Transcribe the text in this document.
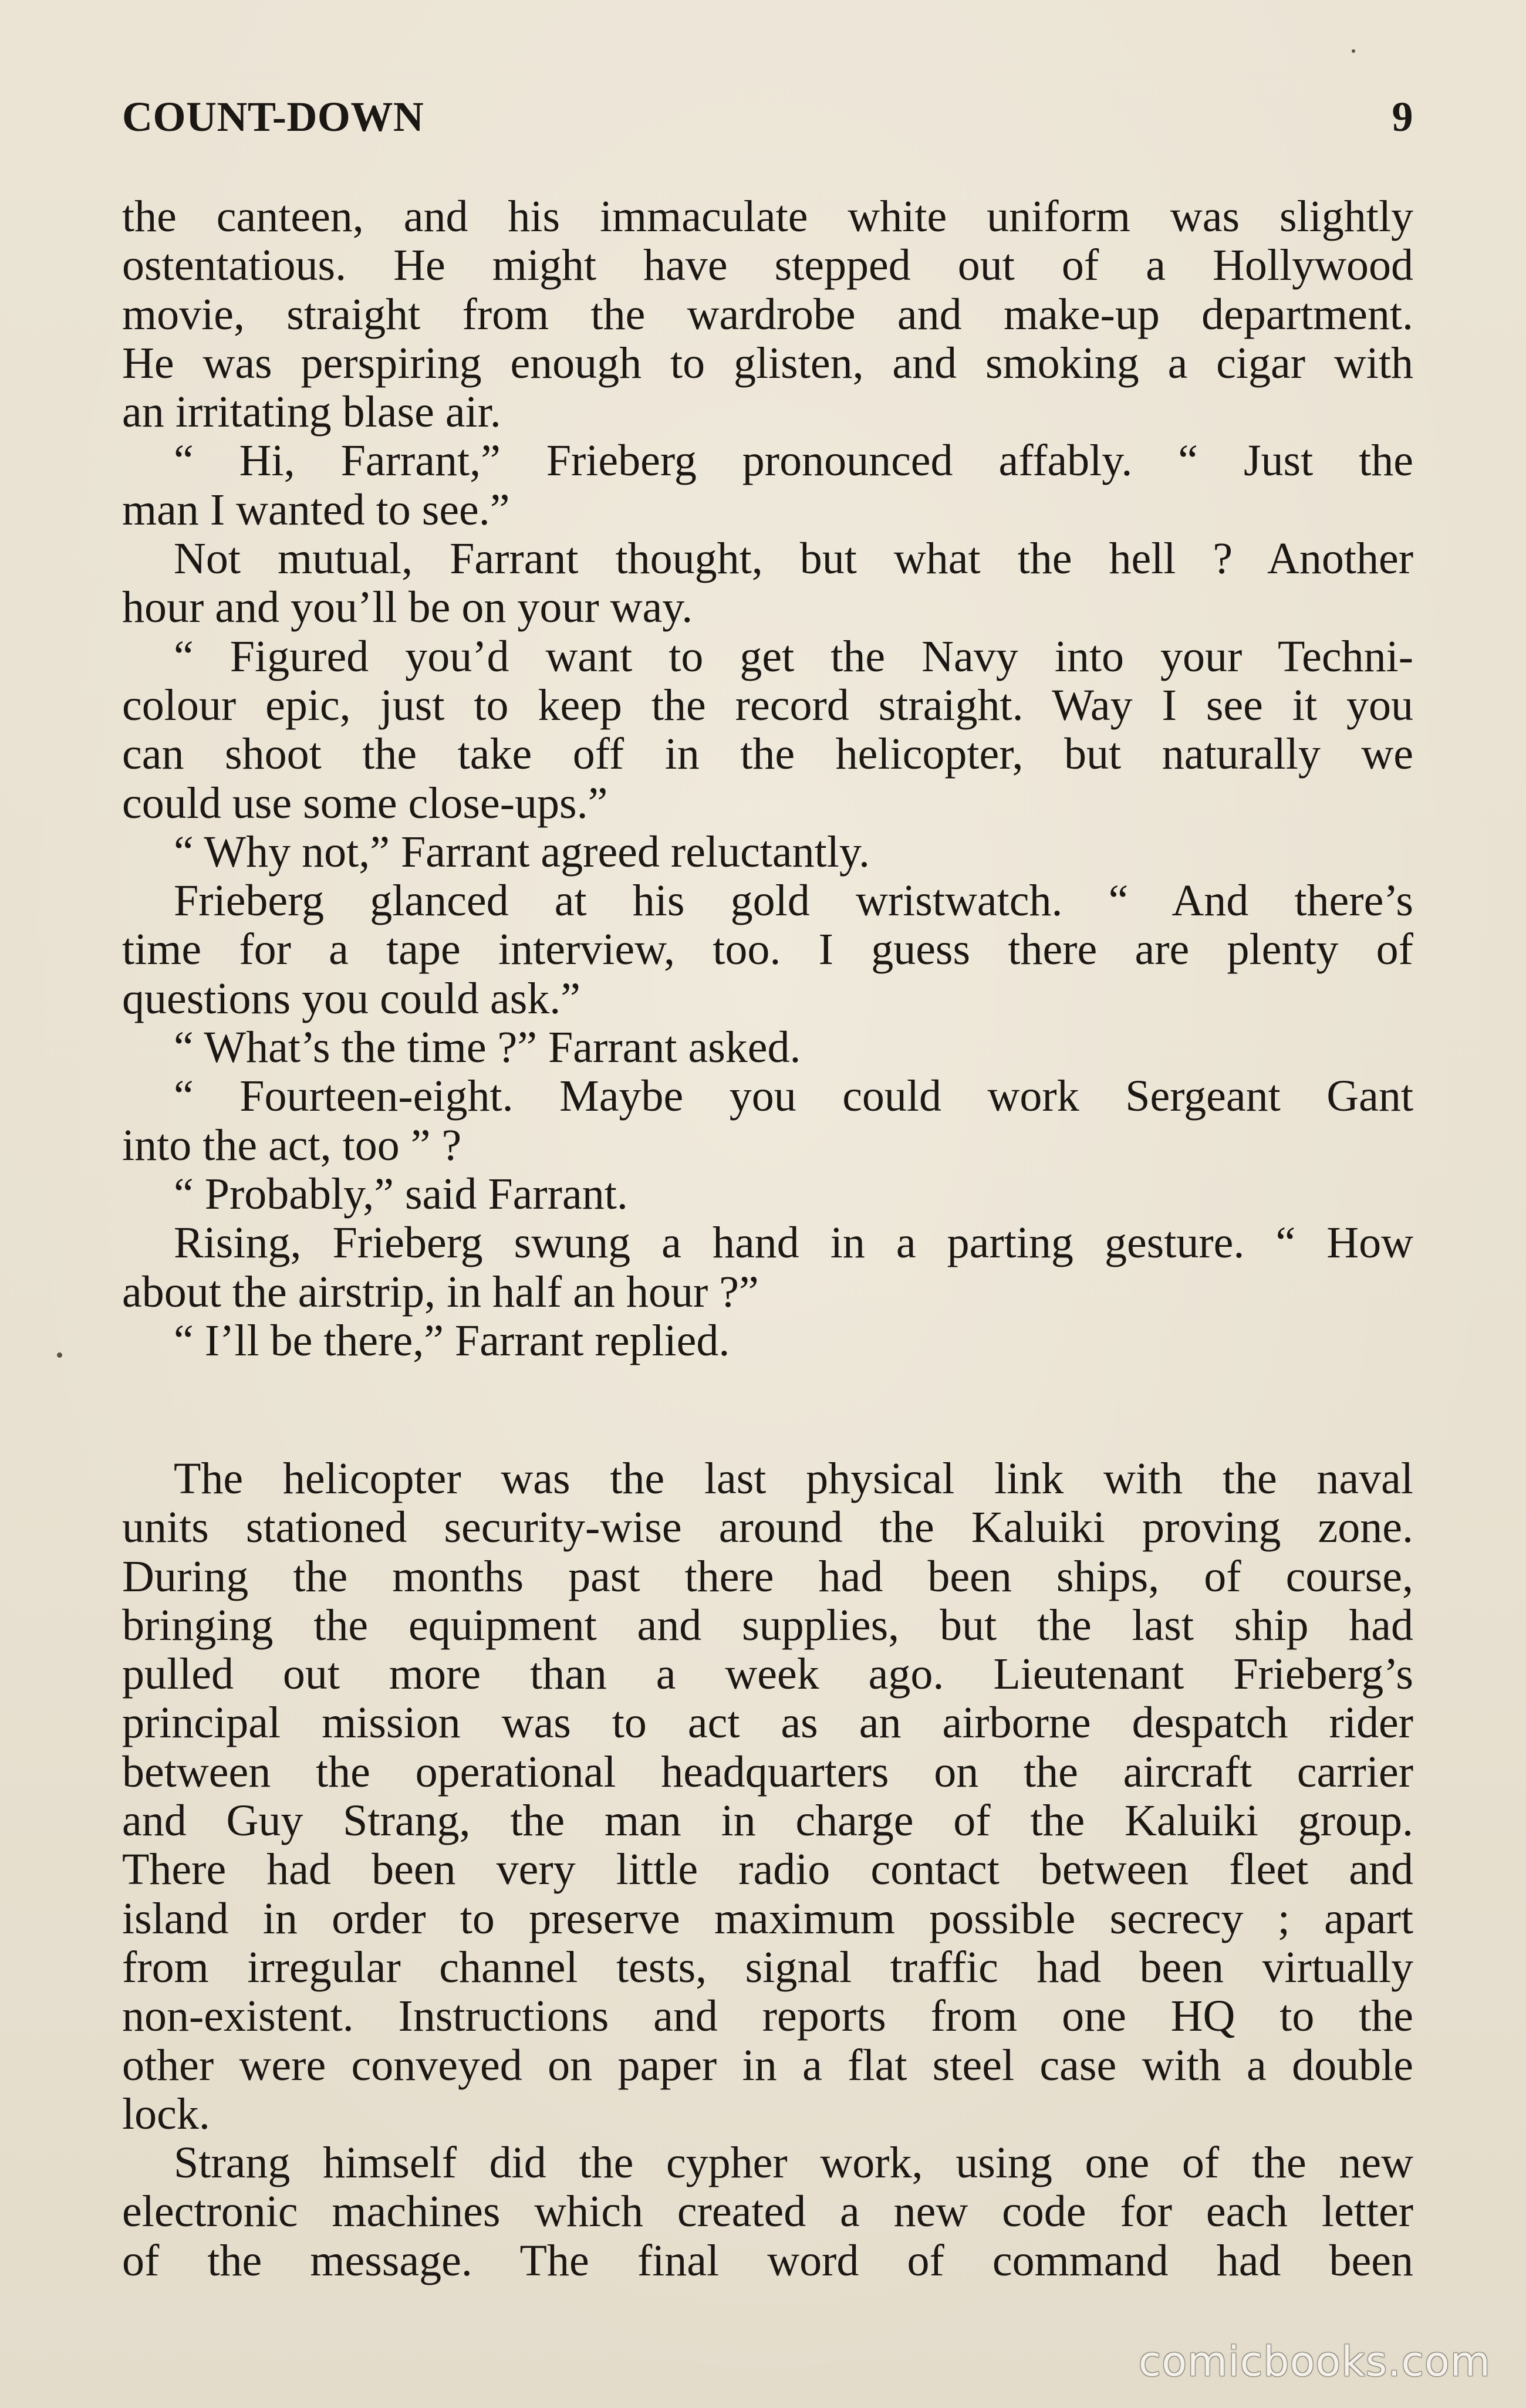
COUNT-DOWN	9
the canteen, and his immaculate white uniform was slightly
ostentatious. He might have stepped out of a Hollywood
movie, straight from the wardrobe and make-up department.
He was perspiring enough to glisten, and smoking a cigar with
an irritating blase air.
“ Hi, Farrant,” Frieberg pronounced affably. “ Just the
man I wanted to see.”
Not mutual, Farrant thought, but what the hell ? Another
hour and you’ll be on your way.
“ Figured you’d want to get the Navy into your Techni-
colour epic, just to keep the record straight. Way I see it you
can shoot the take off in the helicopter, but naturally we
could use some close-ups.”
“ Why not,” Farrant agreed reluctantly.
Frieberg glanced at his gold wristwatch. “ And there’s
time for a tape interview, too. I guess there are plenty of
questions you could ask.”
“ What’s the time ?” Farrant asked.
“ Fourteen-eight. Maybe you could work Sergeant Gant
into the act, too ” ?
“ Probably,” said Farrant.
Rising, Frieberg swung a hand in a parting gesture. “ How
about the airstrip, in half an hour ?”
“ I’ll be there,” Farrant replied.
The helicopter was the last physical link with the naval
units stationed security-wise around the Kaluiki proving zone.
During the months past there had been ships, of course,
bringing the equipment and supplies, but the last ship had
pulled out more than a week ago. Lieutenant Frieberg’s
principal mission was to act as an airborne despatch rider
between the operational headquarters on the aircraft carrier
and Guy Strang, the man in charge of the Kaluiki group.
There had been very little radio contact between fleet and
island in order to preserve maximum possible secrecy ; apart
from irregular channel tests, signal traffic had been virtually
non-existent. Instructions and reports from one HQ to the
other were conveyed on paper in a flat steel case with a double
lock.
Strang himself did the cypher work, using one of the new
electronic machines which created a new code for each letter
of the message. The final word of command had been
comicbooks.com
